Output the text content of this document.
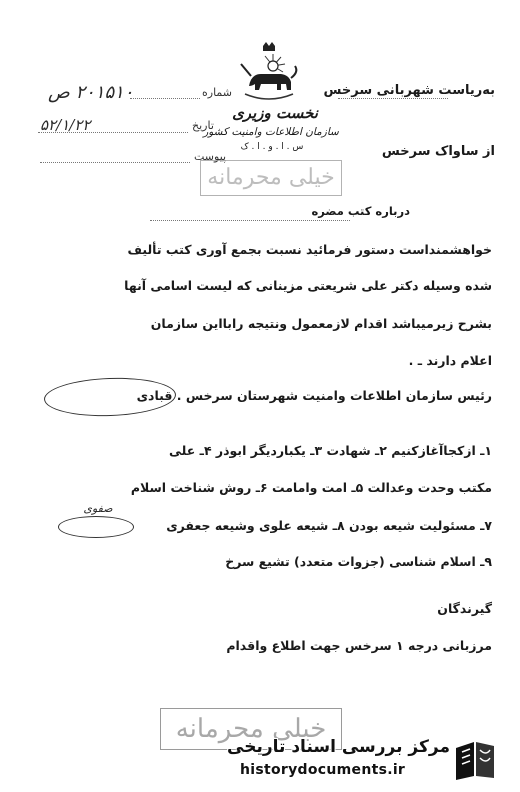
۲۰۱۵۱۰ ص	شماره
۵۲/۱/۲۲	تاریخ
پیوست
نخست وزیری
سازمان اطلاعات وامنیت کشور
س . ا . و . ا . ک
خیلی محرمانه
به‌ریاست شهربانی سرخس
از ساواک سرخس
درباره کتب مضره
خواهشمنداست دستور فرمائید نسبت بجمع آوری کتب تألیف
شده وسیله دکتر علی شریعتی مزینانی که لیست اسامی آنها
بشرح زیرمیباشد اقدام لازمعمول ونتیجه رابااین سازمان
اعلام دارند ـ .
رئیس سازمان اطلاعات وامنیت شهرستان سرخس . قبادی
۱ـ ازکجاآغازکنیم ۲ـ شهادت ۳ـ یکباردیگر ابوذر ۴ـ علی
مکتب وحدت وعدالت ۵ـ امت وامامت ۶ـ روش شناخت اسلام
صفوی
۷ـ مسئولیت شیعه بودن ۸ـ شیعه علوی وشیعه جعفری
۹ـ اسلام شناسی (جزوات متعدد) تشیع سرخ
گیرندگان
مرزبانی درجه ۱ سرخس جهت اطلاع واقدام
خیلی محرمانه
مرکز بررسی اسناد تاریخی
historydocuments.ir
